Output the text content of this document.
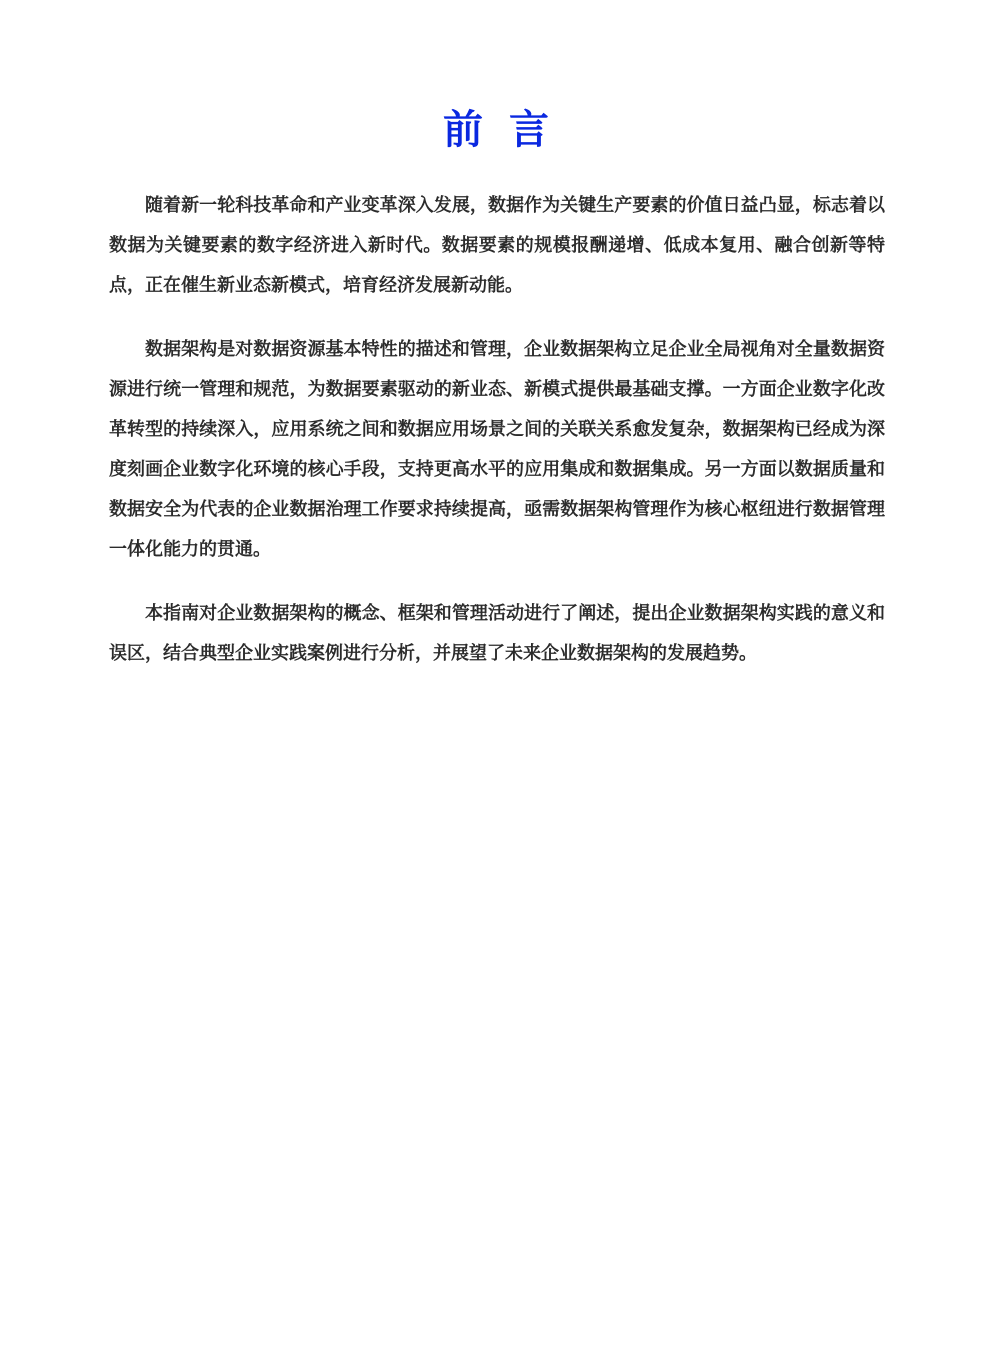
前言

随着新一轮科技革命和产业变革深入发展，数据作为关键生产要素的价值日益凸显，标志着以数据为关键要素的数字经济进入新时代。数据要素的规模报酬递增、低成本复用、融合创新等特点，正在催生新业态新模式，培育经济发展新动能。

数据架构是对数据资源基本特性的描述和管理，企业数据架构立足企业全局视角对全量数据资源进行统一管理和规范，为数据要素驱动的新业态、新模式提供最基础支撑。一方面企业数字化改革转型的持续深入，应用系统之间和数据应用场景之间的关联关系愈发复杂，数据架构已经成为深度刻画企业数字化环境的核心手段，支持更高水平的应用集成和数据集成。另一方面以数据质量和数据安全为代表的企业数据治理工作要求持续提高，亟需数据架构管理作为核心枢纽进行数据管理一体化能力的贯通。

本指南对企业数据架构的概念、框架和管理活动进行了阐述，提出企业数据架构实践的意义和误区，结合典型企业实践案例进行分析，并展望了未来企业数据架构的发展趋势。
